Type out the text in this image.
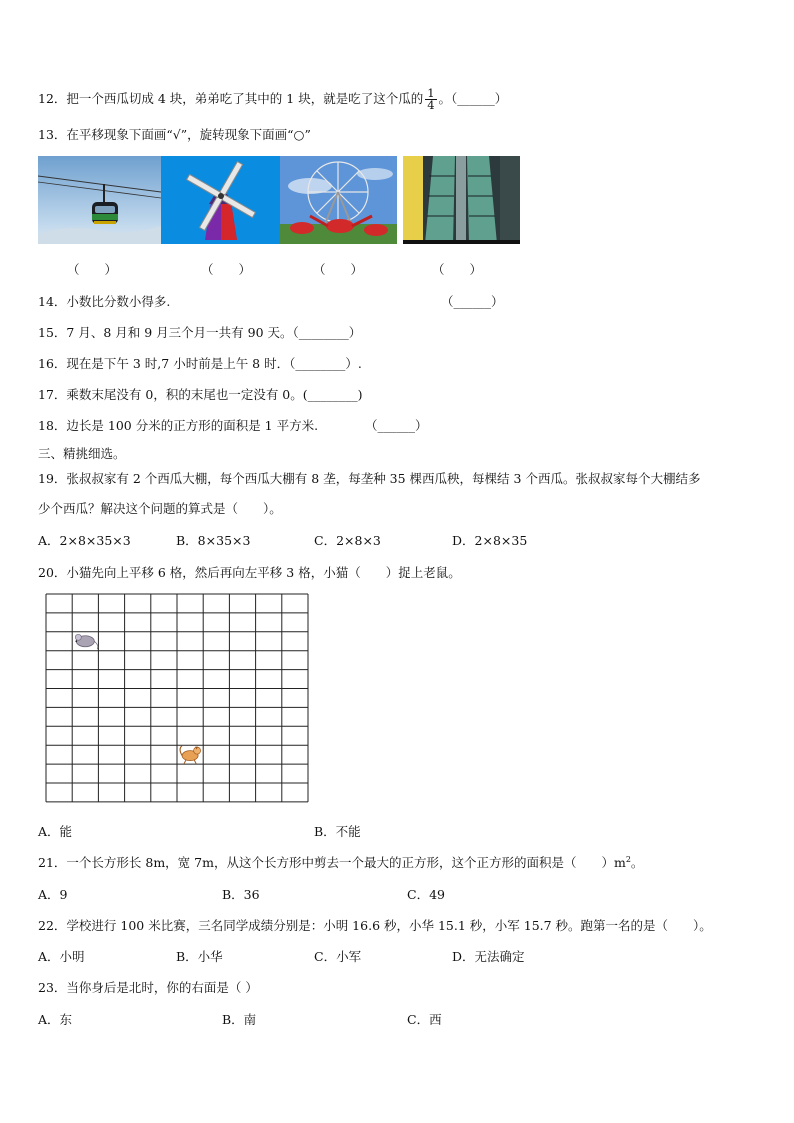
12．把一个西瓜切成 4 块，弟弟吃了其中的 1 块，就是吃了这个瓜的 $\frac{1}{4}$ 。（______）
13．在平移现象下面画“√”，旋转现象下面画“○”
（　　）	（　　）	（　　）	（　　）
14．小数比分数小得多.	（______）
15．7 月、8 月和 9 月三个月一共有 90 天。（________）
16．现在是下午 3 时,7 小时前是上午 8 时．（________）.
17．乘数末尾没有 0，积的末尾也一定没有 0。(________)
18．边长是 100 分米的正方形的面积是 1 平方米.	（______）
三、精挑细选。
19．张叔叔家有 2 个西瓜大棚，每个西瓜大棚有 8 垄，每垄种 35 棵西瓜秧，每棵结 3 个西瓜。张叔叔家每个大棚结多
少个西瓜？解决这个问题的算式是（　　）。
A．2×8×35×3	B．8×35×3	C．2×8×3	D．2×8×35
20．小猫先向上平移 6 格，然后再向左平移 3 格，小猫（　　）捉上老鼠。
A．能	B．不能
21．一个长方形长 8m，宽 7m，从这个长方形中剪去一个最大的正方形，这个正方形的面积是（　　）$m^2$。
A．9	B．36	C．49
22．学校进行 100 米比赛，三名同学成绩分别是：小明 16.6 秒，小华 15.1 秒，小军 15.7 秒。跑第一名的是（　　）。
A．小明	B．小华	C．小军	D．无法确定
23．当你身后是北时，你的右面是（ ）
A．东	B．南	C．西
